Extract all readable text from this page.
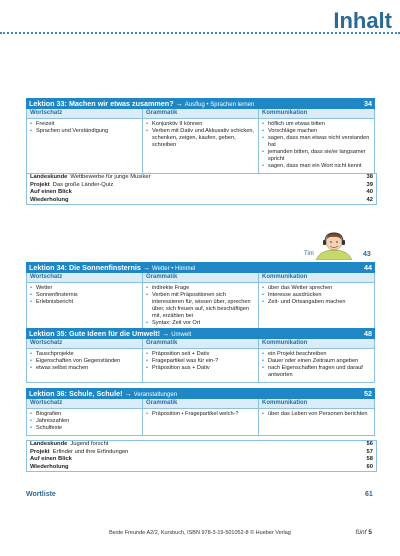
Inhalt
Lektion 33: Machen wir etwas zusammen? → Ausflug • Sprachen lernen	34
Wortschatz
• Freizeit
• Sprachen und Verständigung
Grammatik
• Konjunktiv II können
• Verben mit Dativ und Akkusativ schicken, schenken, zeigen, kaufen, geben, schreiben
Kommunikation
• höflich um etwas bitten
• Vorschläge machen
• sagen, dass man etwas nicht verstanden hat
• jemanden bitten, dass sie/er langsamer spricht
• sagen, dass man ein Wort nicht kennt
Landeskunde Wettbewerbe für junge Musiker	38
Projekt Das große Länder-Quiz	39
Auf einen Blick	40
Wiederholung	42
Tim	43
Lektion 34: Die Sonnenfinsternis → Wetter • Himmel	44
Wortschatz
• Wetter
• Sonnenfinsternis
• Erlebnisbericht
Grammatik
• indirekte Frage
• Verben mit Präpositionen sich interessieren für, wissen über, sprechen über, sich freuen auf, sich beschäftigen mit, erzählen bei
• Syntax: Zeit vor Ort
Kommunikation
• über das Wetter sprechen
• Interesse ausdrücken
• Zeit- und Ortsangaben machen
Lektion 35: Gute Ideen für die Umwelt! → Umwelt	48
Wortschatz
• Tauschprojekte
• Eigenschaften von Gegenständen
• etwas selbst machen
Grammatik
• Präposition seit + Dativ
• Fragepartikel was für ein-?
• Präposition aus + Dativ
Kommunikation
• ein Projekt beschreiben
• Dauer oder einen Zeitraum angeben
• nach Eigenschaften fragen und darauf antworten
Lektion 36: Schule, Schule! → Veranstaltungen	52
Wortschatz
• Biografien
• Jahreszahlen
• Schulfeste
Grammatik
• Präposition • Fragepartikel welch-?
Kommunikation
• über das Leben von Personen berichten
Landeskunde Jugend forscht	56
Projekt Erfinder und ihre Erfindungen	57
Auf einen Blick	58
Wiederholung	60
Wortliste	61
Beste Freunde A2/2, Kursbuch, ISBN 978-3-19-501052-8 © Hueber Verlag	fünf 5
